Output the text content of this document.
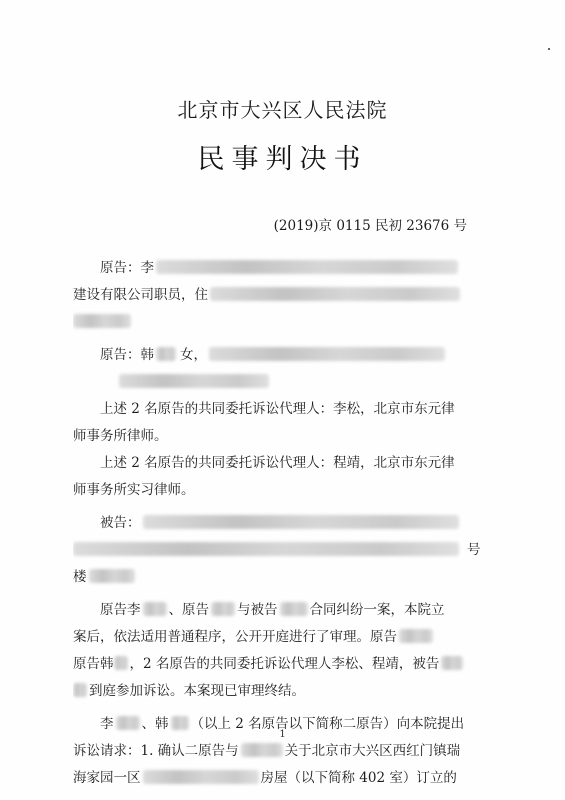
北京市大兴区人民法院
民事判决书
(2019)京 0115 民初 23676 号
原告：李
建设有限公司职员，住
原告：韩 女，
上述 2 名原告的共同委托诉讼代理人：李松，北京市东元律
师事务所律师。
上述 2 名原告的共同委托诉讼代理人：程靖，北京市东元律
师事务所实习律师。
被告：
号
楼
原告李 、原告 与被告 合同纠纷一案，本院立
案后，依法适用普通程序，公开开庭进行了审理。原告
原告韩 ，2 名原告的共同委托诉讼代理人李松、程靖，被告
到庭参加诉讼。本案现已审理终结。
李 、韩 （以上 2 名原告以下简称二原告）向本院提出
诉讼请求：1. 确认二原告与	关于北京市大兴区西红门镇瑞
海家园一区	房屋（以下简称 402 室）订立的
1
